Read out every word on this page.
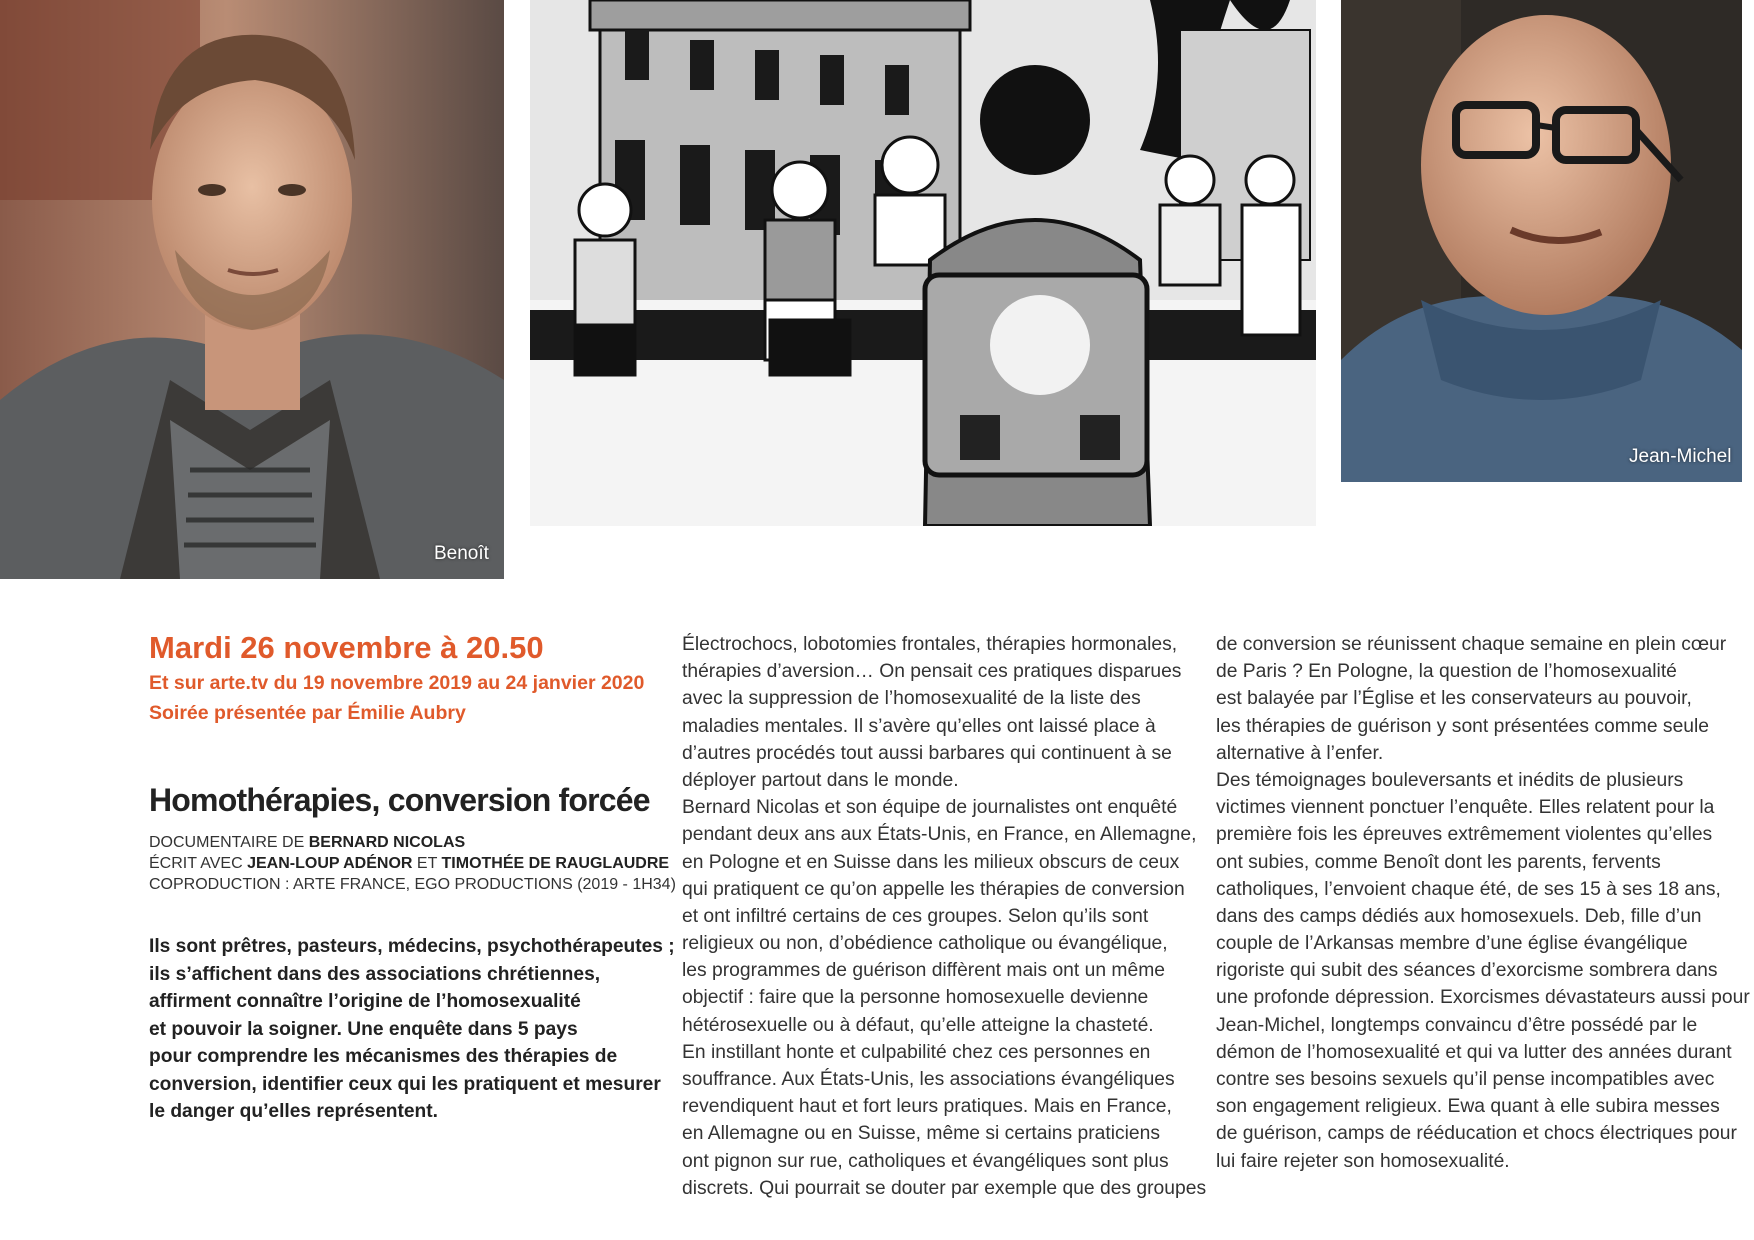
Benoît
Jean-Michel
Mardi 26 novembre à 20.50
Et sur arte.tv du 19 novembre 2019 au 24 janvier 2020
Soirée présentée par Émilie Aubry
Homothérapies, conversion forcée
DOCUMENTAIRE DE BERNARD NICOLAS
ÉCRIT AVEC JEAN-LOUP ADÉNOR ET TIMOTHÉE DE RAUGLAUDRE
COPRODUCTION : ARTE FRANCE, EGO PRODUCTIONS (2019 - 1H34)
Ils sont prêtres, pasteurs, médecins, psychothérapeutes ;
ils s’affichent dans des associations chrétiennes,
affirment connaître l’origine de l’homosexualité
et pouvoir la soigner. Une enquête dans 5 pays
pour comprendre les mécanismes des thérapies de
conversion, identifier ceux qui les pratiquent et mesurer
le danger qu’elles représentent.
Électrochocs, lobotomies frontales, thérapies hormonales,
thérapies d’aversion… On pensait ces pratiques disparues
avec la suppression de l’homosexualité de la liste des
maladies mentales. Il s’avère qu’elles ont laissé place à
d’autres procédés tout aussi barbares qui continuent à se
déployer partout dans le monde.
Bernard Nicolas et son équipe de journalistes ont enquêté
pendant deux ans aux États-Unis, en France, en Allemagne,
en Pologne et en Suisse dans les milieux obscurs de ceux
qui pratiquent ce qu’on appelle les thérapies de conversion
et ont infiltré certains de ces groupes. Selon qu’ils sont
religieux ou non, d’obédience catholique ou évangélique,
les programmes de guérison diffèrent mais ont un même
objectif : faire que la personne homosexuelle devienne
hétérosexuelle ou à défaut, qu’elle atteigne la chasteté.
En instillant honte et culpabilité chez ces personnes en
souffrance. Aux États-Unis, les associations évangéliques
revendiquent haut et fort leurs pratiques. Mais en France,
en Allemagne ou en Suisse, même si certains praticiens
ont pignon sur rue, catholiques et évangéliques sont plus
discrets. Qui pourrait se douter par exemple que des groupes
de conversion se réunissent chaque semaine en plein cœur
de Paris ? En Pologne, la question de l’homosexualité
est balayée par l’Église et les conservateurs au pouvoir,
les thérapies de guérison y sont présentées comme seule
alternative à l’enfer.
Des témoignages bouleversants et inédits de plusieurs
victimes viennent ponctuer l’enquête. Elles relatent pour la
première fois les épreuves extrêmement violentes qu’elles
ont subies, comme Benoît dont les parents, fervents
catholiques, l’envoient chaque été, de ses 15 à ses 18 ans,
dans des camps dédiés aux homosexuels. Deb, fille d’un
couple de l’Arkansas membre d’une église évangélique
rigoriste qui subit des séances d’exorcisme sombrera dans
une profonde dépression. Exorcismes dévastateurs aussi pour
Jean-Michel, longtemps convaincu d’être possédé par le
démon de l’homosexualité et qui va lutter des années durant
contre ses besoins sexuels qu’il pense incompatibles avec
son engagement religieux. Ewa quant à elle subira messes
de guérison, camps de rééducation et chocs électriques pour
lui faire rejeter son homosexualité.
